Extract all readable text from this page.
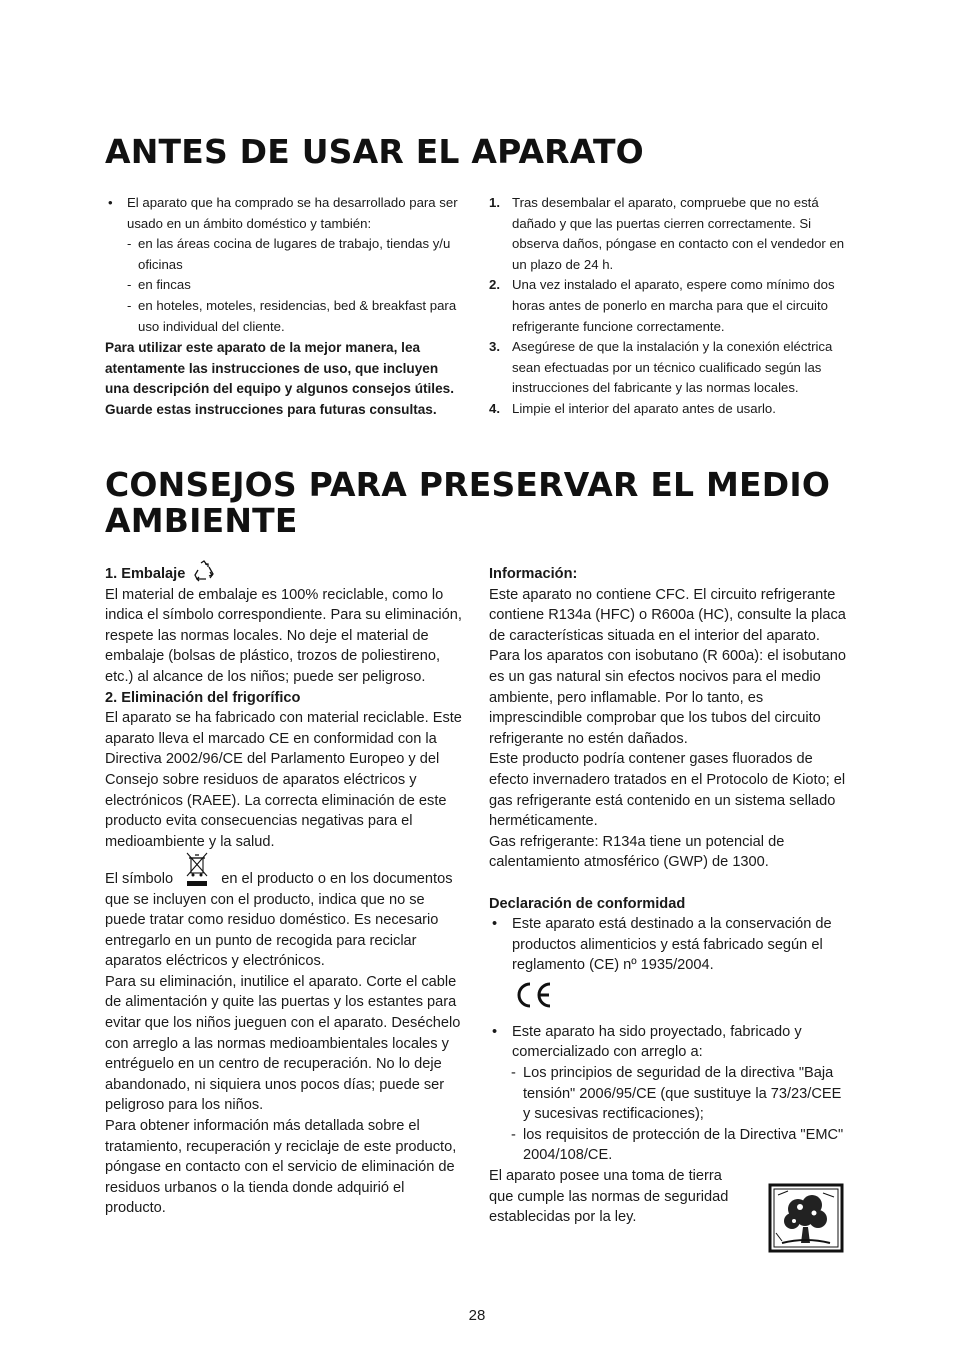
ANTES DE USAR EL APARATO

• El aparato que ha comprado se ha desarrollado para ser usado en un ámbito doméstico y también:

- en las áreas cocina de lugares de trabajo, tiendas y/u oficinas

- en fincas

- en hoteles, moteles, residencias, bed & breakfast para uso individual del cliente.

Para utilizar este aparato de la mejor manera, lea atentamente las instrucciones de uso, que incluyen una descripción del equipo y algunos consejos útiles.

Guarde estas instrucciones para futuras consultas.

1. Tras desembalar el aparato, compruebe que no está dañado y que las puertas cierren correctamente. Si observa daños, póngase en contacto con el vendedor en un plazo de 24 h.

2. Una vez instalado el aparato, espere como mínimo dos horas antes de ponerlo en marcha para que el circuito refrigerante funcione correctamente.

3. Asegúrese de que la instalación y la conexión eléctrica sean efectuadas por un técnico cualificado según las instrucciones del fabricante y las normas locales.

4. Limpie el interior del aparato antes de usarlo.

CONSEJOS PARA PRESERVAR EL MEDIO AMBIENTE

1. Embalaje

El material de embalaje es 100% reciclable, como lo indica el símbolo correspondiente. Para su eliminación, respete las normas locales. No deje el material de embalaje (bolsas de plástico, trozos de poliestireno, etc.) al alcance de los niños; puede ser peligroso.

2. Eliminación del frigorífico

El aparato se ha fabricado con material reciclable. Este aparato lleva el marcado CE en conformidad con la Directiva 2002/96/CE del Parlamento Europeo y del Consejo sobre residuos de aparatos eléctricos y electrónicos (RAEE). La correcta eliminación de este producto evita consecuencias negativas para el medioambiente y la salud.

El símbolo	en el producto o en los documentos que se incluyen con el producto, indica que no se puede tratar como residuo doméstico. Es necesario entregarlo en un punto de recogida para reciclar aparatos eléctricos y electrónicos.

Para su eliminación, inutilice el aparato. Corte el cable de alimentación y quite las puertas y los estantes para evitar que los niños jueguen con el aparato. Deséchelo con arreglo a las normas medioambientales locales y entréguelo en un centro de recuperación. No lo deje abandonado, ni siquiera unos pocos días; puede ser peligroso para los niños.

Para obtener información más detallada sobre el tratamiento, recuperación y reciclaje de este producto, póngase en contacto con el servicio de eliminación de residuos urbanos o la tienda donde adquirió el producto.

Información:

Este aparato no contiene CFC. El circuito refrigerante contiene R134a (HFC) o R600a (HC), consulte la placa de características situada en el interior del aparato.

Para los aparatos con isobutano (R 600a): el isobutano es un gas natural sin efectos nocivos para el medio ambiente, pero inflamable. Por lo tanto, es imprescindible comprobar que los tubos del circuito refrigerante no estén dañados.

Este producto podría contener gases fluorados de efecto invernadero tratados en el Protocolo de Kioto; el gas refrigerante está contenido en un sistema sellado herméticamente.

Gas refrigerante: R134a tiene un potencial de calentamiento atmosférico (GWP) de 1300.

Declaración de conformidad

• Este aparato está destinado a la conservación de productos alimenticios y está fabricado según el reglamento (CE) nº 1935/2004.

• Este aparato ha sido proyectado, fabricado y comercializado con arreglo a:

- Los principios de seguridad de la directiva "Baja tensión" 2006/95/CE (que sustituye la 73/23/CEE y sucesivas rectificaciones);

- los requisitos de protección de la Directiva "EMC" 2004/108/CE.

El aparato posee una toma de tierra que cumple las normas de seguridad establecidas por la ley.

28
